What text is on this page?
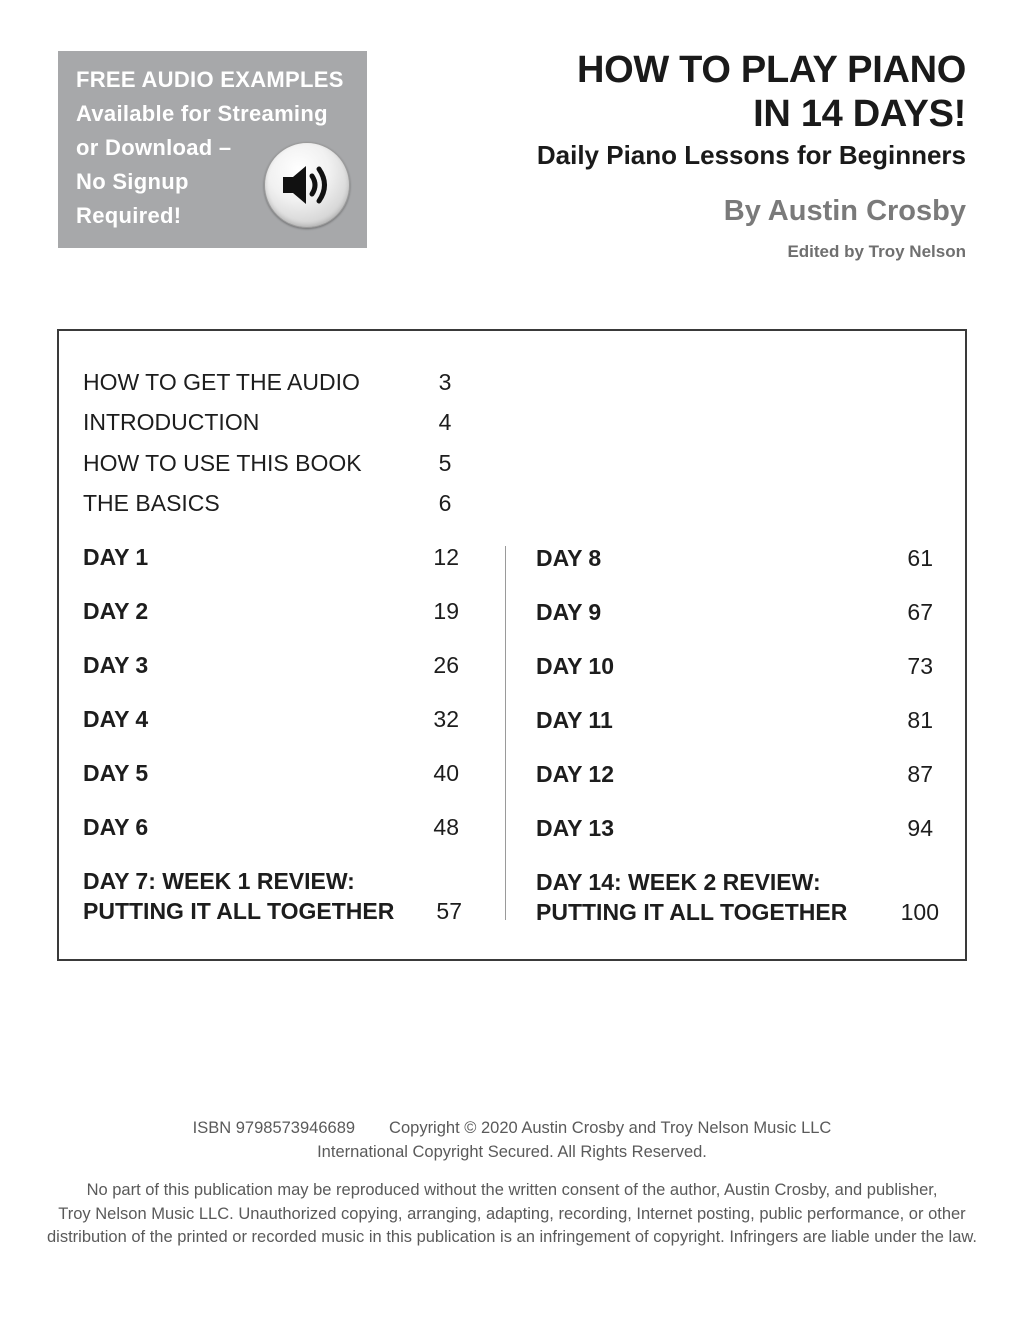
FREE AUDIO EXAMPLES
Available for Streaming
or Download –
No Signup
Required!
HOW TO PLAY PIANO
IN 14 DAYS!
Daily Piano Lessons for Beginners
By Austin Crosby
Edited by Troy Nelson
HOW TO GET THE AUDIO	3
INTRODUCTION	4
HOW TO USE THIS BOOK	5
THE BASICS	6
DAY 1	12
DAY 2	19
DAY 3	26
DAY 4	32
DAY 5	40
DAY 6	48
DAY 7: WEEK 1 REVIEW:
PUTTING IT ALL TOGETHER	57
DAY 8	61
DAY 9	67
DAY 10	73
DAY 11	81
DAY 12	87
DAY 13	94
DAY 14: WEEK 2 REVIEW:
PUTTING IT ALL TOGETHER	100
ISBN 9798573946689 Copyright © 2020 Austin Crosby and Troy Nelson Music LLC
International Copyright Secured. All Rights Reserved.
No part of this publication may be reproduced without the written consent of the author, Austin Crosby, and publisher,
Troy Nelson Music LLC. Unauthorized copying, arranging, adapting, recording, Internet posting, public performance, or other
distribution of the printed or recorded music in this publication is an infringement of copyright. Infringers are liable under the law.
